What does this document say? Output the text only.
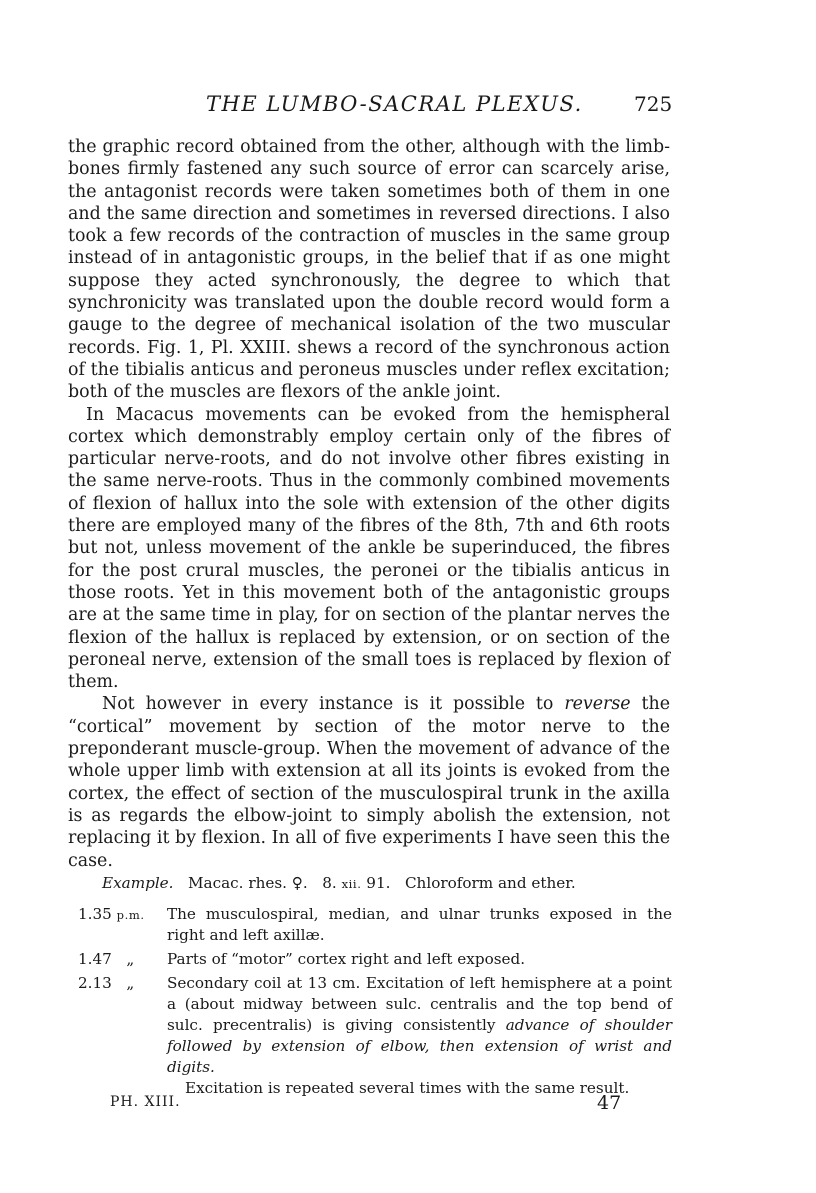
THE LUMBO-SACRAL PLEXUS.	725

the graphic record obtained from the other, although with the limb-bones firmly fastened any such source of error can scarcely arise, the antagonist records were taken sometimes both of them in one and the same direction and sometimes in reversed directions. I also took a few records of the contraction of muscles in the same group instead of in antagonistic groups, in the belief that if as one might suppose they acted synchronously, the degree to which that synchronicity was translated upon the double record would form a gauge to the degree of mechanical isolation of the two muscular records. Fig. 1, Pl. XXIII. shews a record of the synchronous action of the tibialis anticus and peroneus muscles under reflex excitation; both of the muscles are flexors of the ankle joint.

In Macacus movements can be evoked from the hemispheral cortex which demonstrably employ certain only of the fibres of particular nerve-roots, and do not involve other fibres existing in the same nerve-roots. Thus in the commonly combined movements of flexion of hallux into the sole with extension of the other digits there are employed many of the fibres of the 8th, 7th and 6th roots but not, unless movement of the ankle be superinduced, the fibres for the post crural muscles, the peronei or the tibialis anticus in those roots. Yet in this movement both of the antagonistic groups are at the same time in play, for on section of the plantar nerves the flexion of the hallux is replaced by extension, or on section of the peroneal nerve, extension of the small toes is replaced by flexion of them.

Not however in every instance is it possible to reverse the “cortical” movement by section of the motor nerve to the preponderant muscle-group. When the movement of advance of the whole upper limb with extension at all its joints is evoked from the cortex, the effect of section of the musculospiral trunk in the axilla is as regards the elbow-joint to simply abolish the extension, not replacing it by flexion. In all of five experiments I have seen this the case.

Example. Macac. rhes. ♀. 8. xii. 91. Chloroform and ether.
1.35 p.m.	The musculospiral, median, and ulnar trunks exposed in the right and left axillæ.
1.47 „	Parts of “motor” cortex right and left exposed.
2.13 „	Secondary coil at 13 cm. Excitation of left hemisphere at a point a (about midway between sulc. centralis and the top bend of sulc. precentralis) is giving consistently advance of shoulder followed by extension of elbow, then extension of wrist and digits.
Excitation is repeated several times with the same result.
PH. XIII.	47
